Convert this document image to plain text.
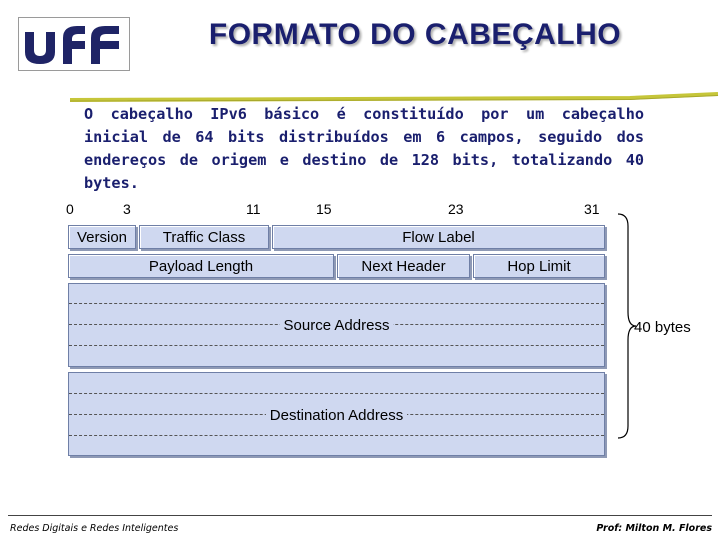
FORMATO DO CABEÇALHO
O cabeçalho IPv6 básico é constituído por um cabeçalho inicial de 64 bits distribuídos em 6 campos, seguido dos endereços de origem e destino de 128 bits, totalizando 40 bytes.
0	3	11	15	23	31
Version	Traffic Class	Flow Label
Payload Length	Next Header	Hop Limit
Source Address
Destination Address
40 bytes
Redes Digitais e Redes Inteligentes	Prof: Milton M. Flores
